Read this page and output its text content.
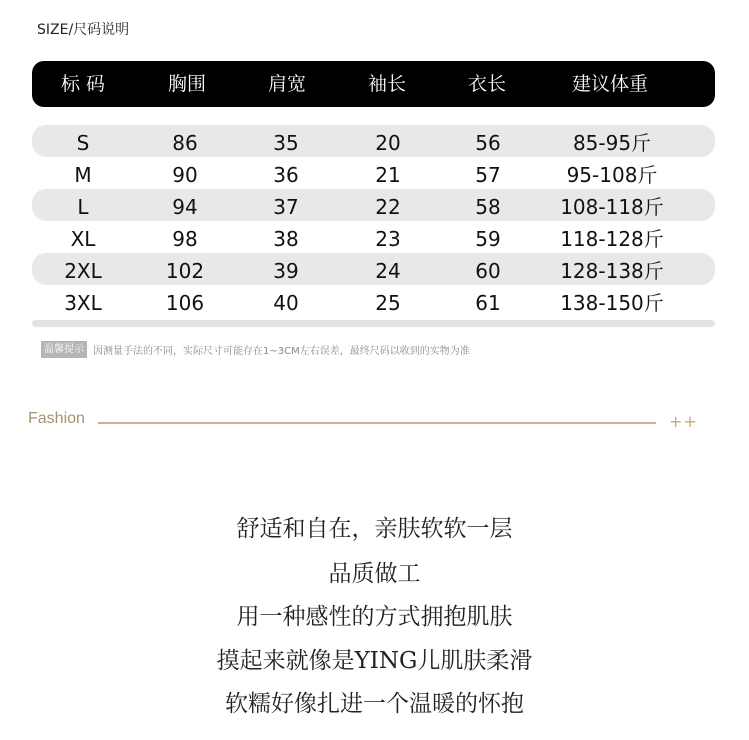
SIZE/尺码说明
标 码	胸围	肩宽	袖长	衣长	建议体重
S	86	35	20	56	85-95斤
M	90	36	21	57	95-108斤
L	94	37	22	58	108-118斤
XL	98	38	23	59	118-128斤
2XL	102	39	24	60	128-138斤
3XL	106	40	25	61	138-150斤
温馨提示 因测量手法的不同，实际尺寸可能存在1~3CM左右误差，最终尺码以收到的实物为准
Fashion	++
舒适和自在，亲肤软软一层
品质做工
用一种感性的方式拥抱肌肤
摸起来就像是YING儿肌肤柔滑
软糯好像扎进一个温暖的怀抱
